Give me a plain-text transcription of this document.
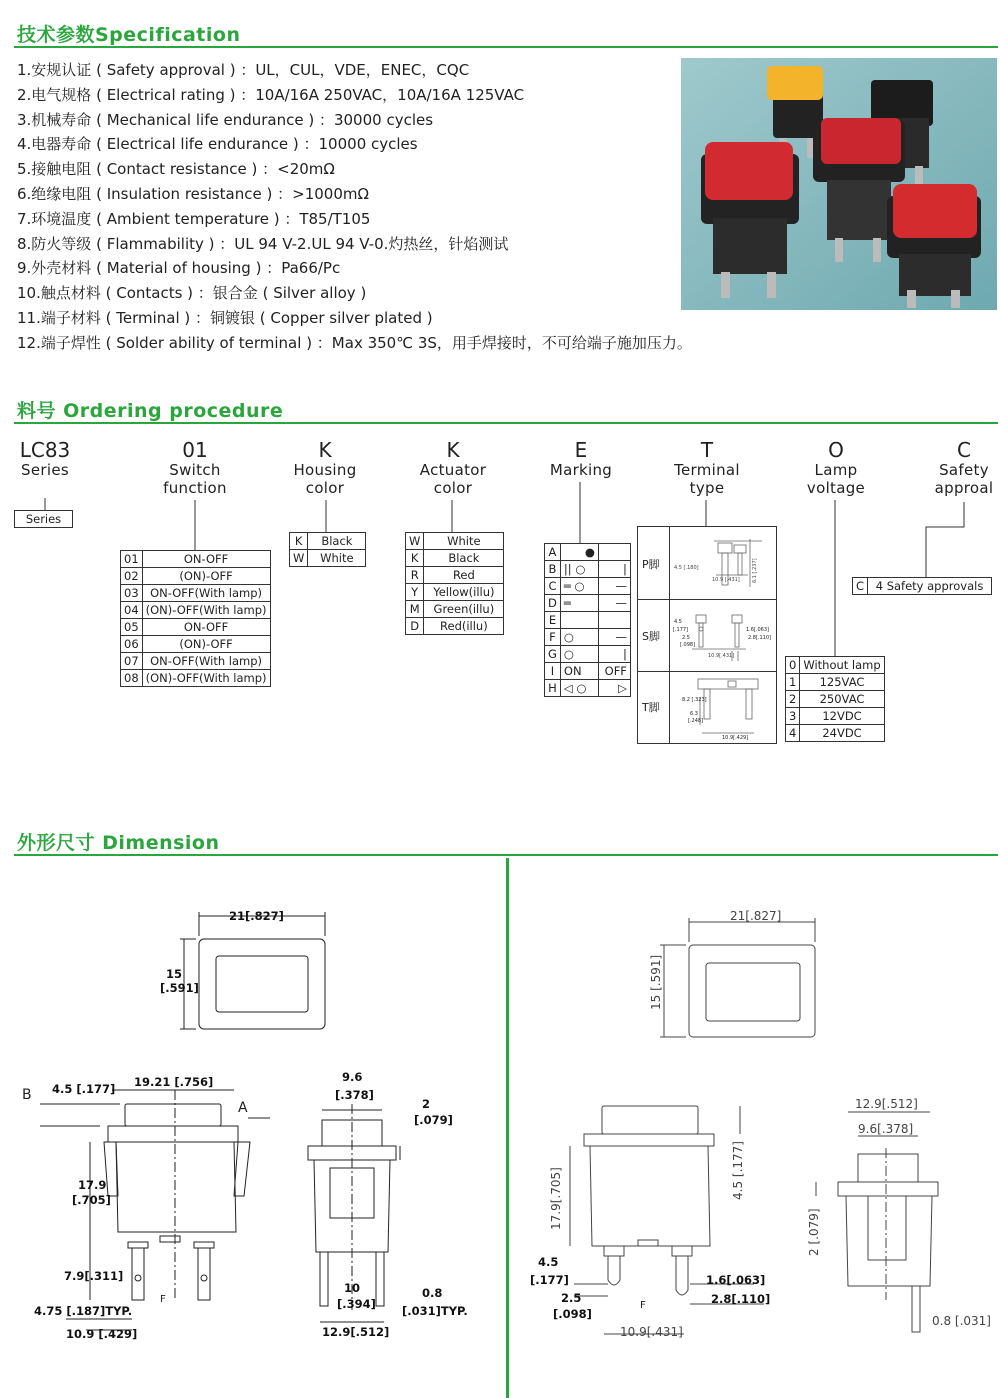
技术参数Specification
1.安规认证 ( Safety approval ) ：UL，CUL，VDE，ENEC，CQC
2.电气规格 ( Electrical rating ) ：10A/16A 250VAC，10A/16A 125VAC
3.机械寿命 ( Mechanical life endurance ) ：30000 cycles
4.电器寿命 ( Electrical life endurance ) ：10000 cycles
5.接触电阻 ( Contact resistance ) ：<20mΩ
6.绝缘电阻 ( Insulation resistance ) ：>1000mΩ
7.环境温度 ( Ambient temperature ) ：T85/T105
8.防火等级 ( Flammability ) ：UL 94 V-2.UL 94 V-0.灼热丝，针焰测试
9.外壳材料 ( Material of housing ) ：Pa66/Pc
10.触点材料 ( Contacts ) ：银合金 ( Silver alloy )
11.端子材料 ( Terminal ) ：铜镀银 ( Copper silver plated )
12.端子焊性 ( Solder ability of terminal ) ：Max 350℃ 3S，用手焊接时，不可给端子施加压力。
料号 Ordering procedure
LC83
Series
01
Switch function
K
Housing color
K
Actuator color
E
Marking
T
Terminal type
O
Lamp voltage
C
Safety approal
Series
01	ON-OFF
02	(ON)-OFF
03	ON-OFF(With lamp)
04	(ON)-OFF(With lamp)
05	ON-OFF
06	(ON)-OFF
07	ON-OFF(With lamp)
08	(ON)-OFF(With lamp)
K	Black
W	White
W	White
K	Black
R	Red
Y	Yellow(illu)
M	Green(illu)
D	Red(illu)
A	●	
B	|| ○	|
C	═ ○	—
D	═	—
E		
F	○	—
G	○	|
I	ON	OFF
H	◁ ○	▷
P脚
S脚
T脚
4.5 [.180]
10.9 [.431] 6.1 [.237]
4.5
[.177]
2.5
[.098]
1.6[.063]
2.8[.110]
10.9[.431]
8.2 [.323]
6.3
[.248]
10.9[.429]
0	Without lamp
1	125VAC
2	250VAC
3	12VDC
4	24VDC
C	4 Safety approvals
外形尺寸 Dimension
21[.827]
15
[.591]
B
A
4.5 [.177] 19.21 [.756]
17.9
[.705]
7.9[.311]
F
4.75 [.187]TYP.
10.9 [.429]
9.6
[.378]
2
[.079]
10
[.394]
0.8
[.031]TYP.
12.9[.512]
21[.827]
15 [.591]
17.9[.705]	4.5 [.177]
4.5
[.177]
2.5
[.098]
1.6[.063]
2.8[.110]
F
10.9[.431]
12.9[.512]
9.6[.378]
2 [.079]
0.8 [.031]
